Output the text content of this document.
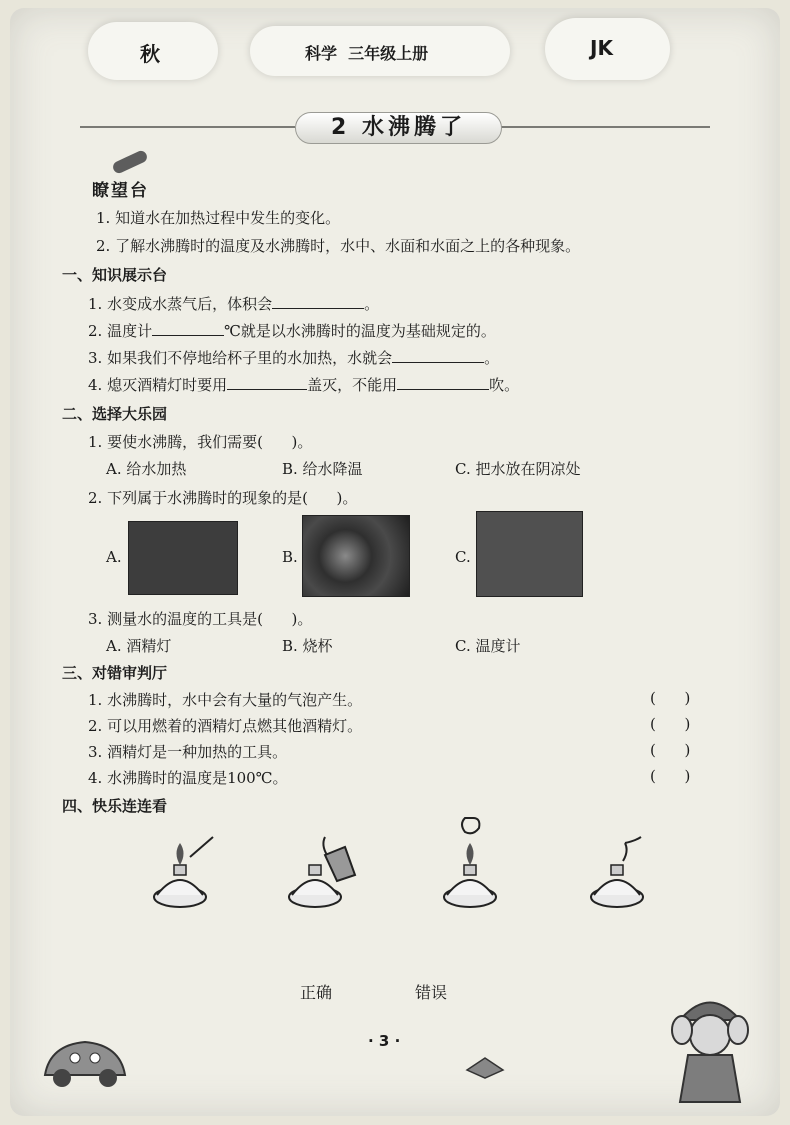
秋	科学  三年级上册	JK
2 水沸腾了
瞭望台
1. 知道水在加热过程中发生的变化。
2. 了解水沸腾时的温度及水沸腾时，水中、水面和水面之上的各种现象。
一、知识展示台
1. 水变成水蒸气后，体积会	。
2. 温度计	℃就是以水沸腾时的温度为基础规定的。
3. 如果我们不停地给杯子里的水加热，水就会	。
4. 熄灭酒精灯时要用	盖灭，不能用	吹。
二、选择大乐园
1. 要使水沸腾，我们需要(      )。
A. 给水加热	B. 给水降温	C. 把水放在阴凉处
2. 下列属于水沸腾时的现象的是(      )。
A.	B.	C.
3. 测量水的温度的工具是(      )。
A. 酒精灯	B. 烧杯	C. 温度计
三、对错审判厅
1. 水沸腾时，水中会有大量的气泡产生。	(      )
2. 可以用燃着的酒精灯点燃其他酒精灯。	(      )
3. 酒精灯是一种加热的工具。	(      )
4. 水沸腾时的温度是100℃。	(      )
四、快乐连连看
正确	错误
· 3 ·
